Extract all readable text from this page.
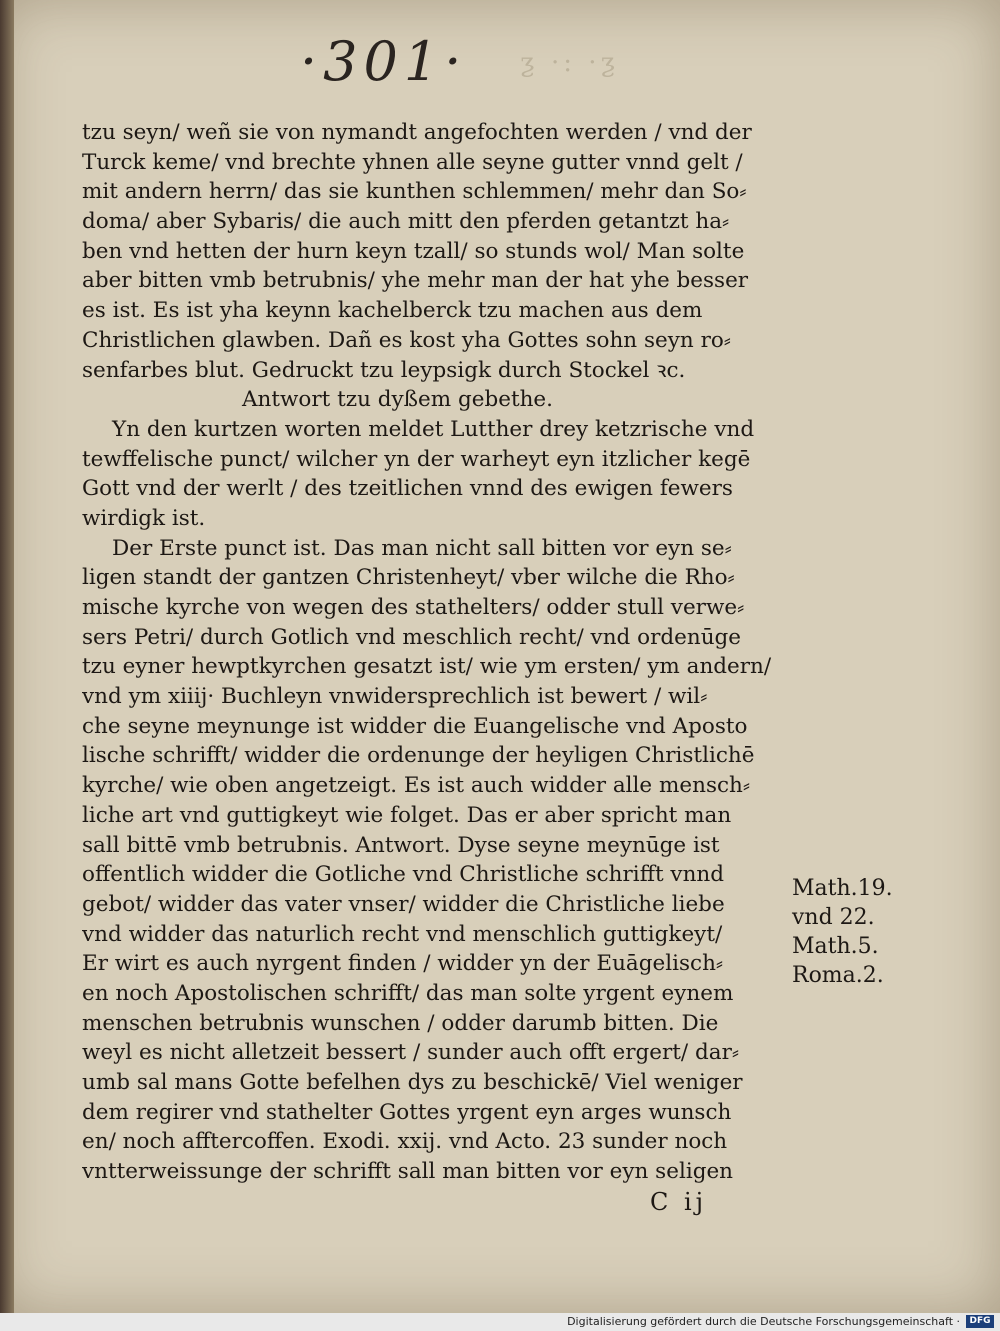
·301· ƺ ·: ·ƺ
tzu seyn/ weñ sie von nymandt angefochten werden / vnd der
Turck keme/ vnd brechte yhnen alle seyne gutter vnnd gelt /
mit andern herrn/ das sie kunthen schlemmen/ mehr dan So⸗
doma/ aber Sybaris/ die auch mitt den pferden getantzt ha⸗
ben vnd hetten der hurn keyn tzall/ so stunds wol/ Man solte
aber bitten vmb betrubnis/ yhe mehr man der hat yhe besser
es ist. Es ist yha keynn kachelberck tzu machen aus dem
Christlichen glawben. Dañ es kost yha Gottes sohn seyn ro⸗
senfarbes blut. Gedruckt tzu leypsigk durch Stockel ꝛc.
Antwort tzu dyßem gebethe.
Yn den kurtzen worten meldet Lutther drey ketzrische vnd
tewffelische punct/ wilcher yn der warheyt eyn itzlicher kegē
Gott vnd der werlt / des tzeitlichen vnnd des ewigen fewers
wirdigk ist.
Der Erste punct ist. Das man nicht sall bitten vor eyn se⸗
ligen standt der gantzen Christenheyt/ vber wilche die Rho⸗
mische kyrche von wegen des stathelters/ odder stull verwe⸗
sers Petri/ durch Gotlich vnd meschlich recht/ vnd ordenūge
tzu eyner hewptkyrchen gesatzt ist/ wie ym ersten/ ym andern/
vnd ym xiiij· Buchleyn vnwidersprechlich ist bewert / wil⸗
che seyne meynunge ist widder die Euangelische vnd Aposto
lische schrifft/ widder die ordenunge der heyligen Christlichē
kyrche/ wie oben angetzeigt. Es ist auch widder alle mensch⸗
liche art vnd guttigkeyt wie folget. Das er aber spricht man
sall bittē vmb betrubnis. Antwort. Dyse seyne meynūge ist
offentlich widder die Gotliche vnd Christliche schrifft vnnd
gebot/ widder das vater vnser/ widder die Christliche liebe
vnd widder das naturlich recht vnd menschlich guttigkeyt/
Er wirt es auch nyrgent finden / widder yn der Euāgelisch⸗
en noch Apostolischen schrifft/ das man solte yrgent eynem
menschen betrubnis wunschen / odder darumb bitten. Die
weyl es nicht alletzeit bessert / sunder auch offt ergert/ dar⸗
umb sal mans Gotte befelhen dys zu beschickē/ Viel weniger
dem regirer vnd stathelter Gottes yrgent eyn arges wunsch
en/ noch afftercoffen. Exodi. xxij. vnd Acto. 23 sunder noch
vntterweissunge der schrifft sall man bitten vor eyn seligen
Math.19.
vnd 22.
Math.5.
Roma.2.
C ij
Digitalisierung gefördert durch die Deutsche Forschungsgemeinschaft ·	DFG
